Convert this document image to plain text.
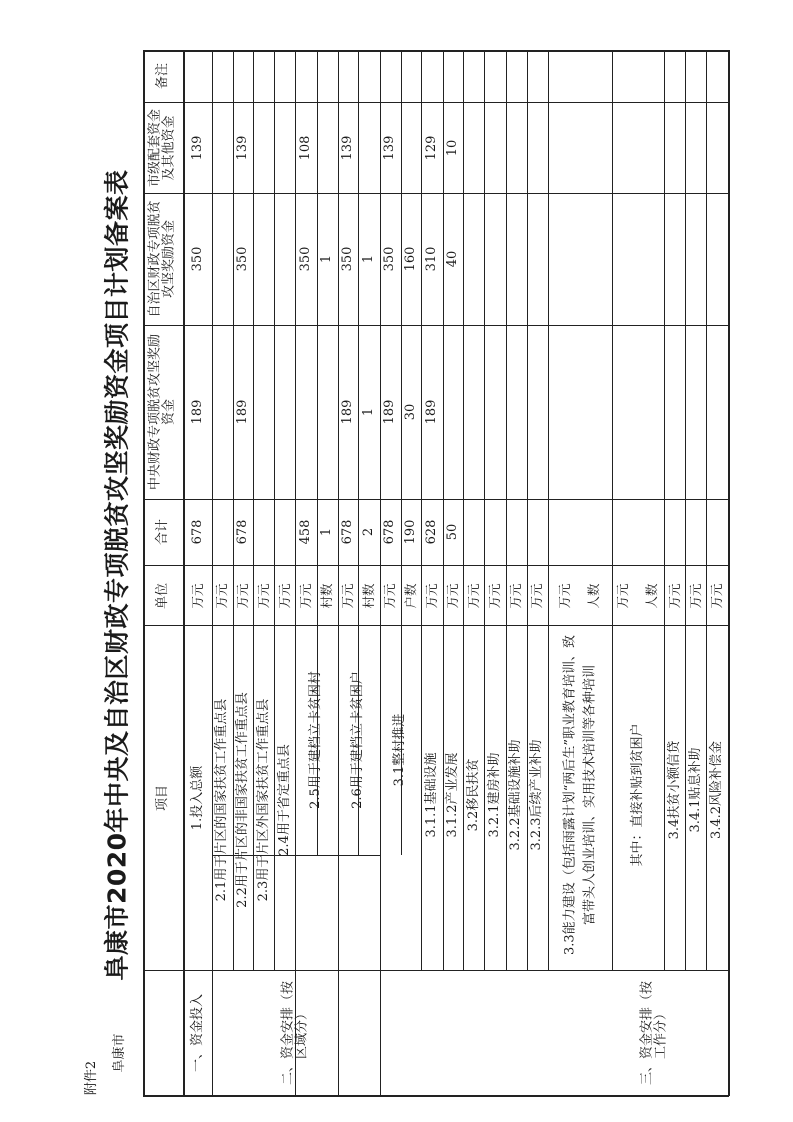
附件2
阜康市
阜康市2020年中央及自治区财政专项脱贫攻坚奖励资金项目计划备案表 项目
单位
合计
中央财政专项脱贫攻坚奖励资金
自治区财政专项脱贫攻坚奖励资金
市级配套资金及其他资金
备注
一、资金投入	二、资金安排（按区域分）	三、资金安排（按工作分）
1.投入总额
万元
678
189
350
139
2.1用于片区的国家扶贫工作重点县
万元
2.2用于片区的非国家扶贫工作重点县
万元
678
189
350
139
2.3用于片区外国家扶贫工作重点县
万元
2.4用于省定重点县
万元
2.5用于建档立卡贫困村
万元
458
350
108
村数
1
1
2.6用于建档立卡贫困户
万元
678
189
350
139
村数
2
1
1
3.1整村推进
万元
678
189
350
139
户数
190
30
160
3.1.1基础设施
万元
628
189
310
129
3.1.2产业发展
万元
50
40
10
3.2移民扶贫
万元
3.2.1建房补助
万元
3.2.2基础设施补助
万元
3.2.3后续产业补助
万元
3.3能力建设（包括雨露计划“两后生”职业教育培训、致富带头人创业培训、实用技术培训等各种培训
万元 人数
其中：直接补贴到贫困户
万元 人数
3.4扶贫小额信贷
万元
3.4.1贴息补助
万元
3.4.2风险补偿金
万元
